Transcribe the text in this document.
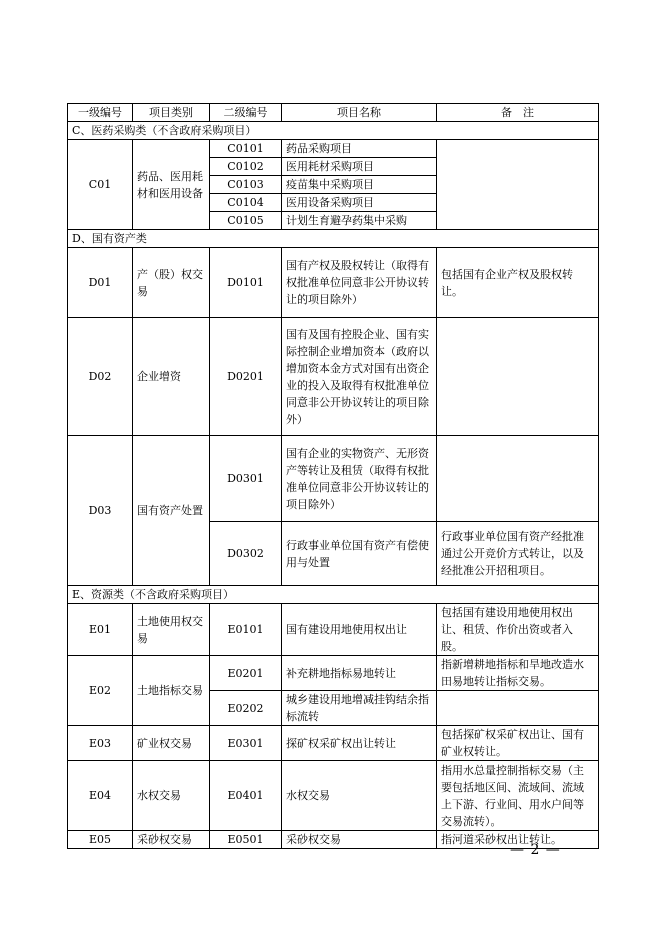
一级编号	项目类别	二级编号	项目名称	备　注
C、医药采购类（不含政府采购项目）				
C01	药品、医用耗材和医用设备	C0101	药品采购项目	
		C0102	医用耗材采购项目	
		C0103	疫苗集中采购项目	
		C0104	医用设备采购项目	
		C0105	计划生育避孕药集中采购	
D、国有资产类				
D01	产（股）权交易	D0101	国有产权及股权转让（取得有权批准单位同意非公开协议转让的项目除外）	包括国有企业产权及股权转让。
D02	企业增资	D0201	国有及国有控股企业、国有实际控制企业增加资本（政府以增加资本金方式对国有出资企业的投入及取得有权批准单位同意非公开协议转让的项目除外）	
D03	国有资产处置	D0301	国有企业的实物资产、无形资产等转让及租赁（取得有权批准单位同意非公开协议转让的项目除外）	
		D0302	行政事业单位国有资产有偿使用与处置	行政事业单位国有资产经批准通过公开竞价方式转让，以及经批准公开招租项目。
E、资源类（不含政府采购项目）				
E01	土地使用权交易	E0101	国有建设用地使用权出让	包括国有建设用地使用权出让、租赁、作价出资或者入股。
E02	土地指标交易	E0201	补充耕地指标易地转让	指新增耕地指标和旱地改造水田易地转让指标交易。
		E0202	城乡建设用地增减挂钩结余指标流转	
E03	矿业权交易	E0301	探矿权采矿权出让转让	包括探矿权采矿权出让、国有矿业权转让。
E04	水权交易	E0401	水权交易	指用水总量控制指标交易（主要包括地区间、流域间、流域上下游、行业间、用水户间等交易流转）。
E05	采砂权交易	E0501	采砂权交易	指河道采砂权出让转让。
— 2 —
